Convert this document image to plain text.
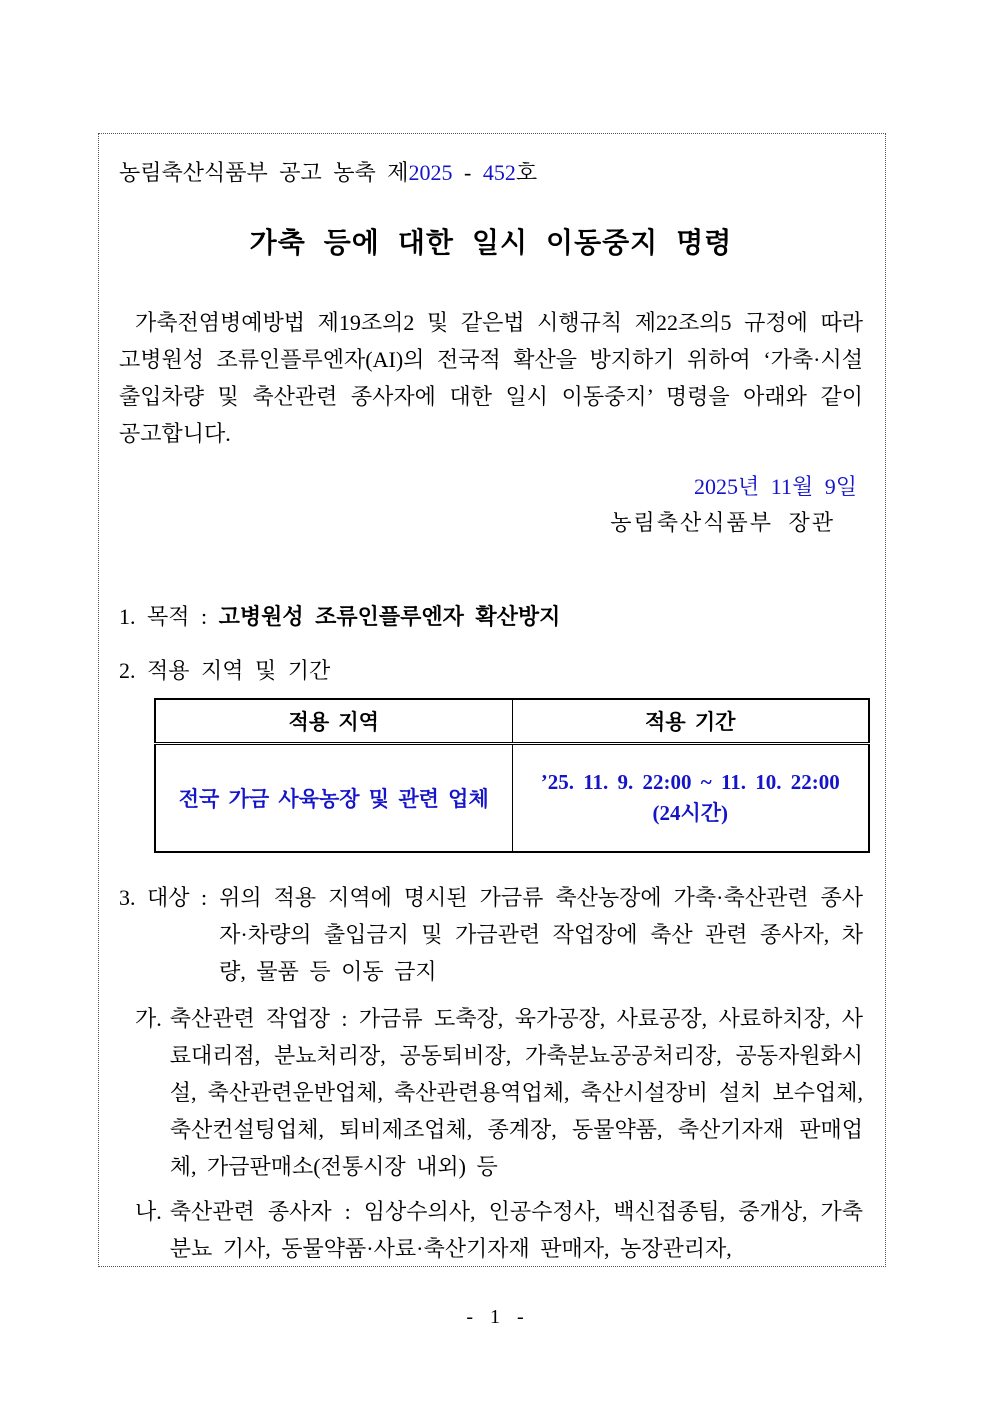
농림축산식품부 공고 농축 제2025 - 452호
가축 등에 대한 일시 이동중지 명령

가축전염병예방법 제19조의2 및 같은법 시행규칙 제22조의5 규정에 따라 고병원성 조류인플루엔자(AI)의 전국적 확산을 방지하기 위하여 ‘가축·시설출입차량 및 축산관련 종사자에 대한 일시 이동중지’ 명령을 아래와 같이 공고합니다.

2025년 11월 9일
농림축산식품부 장관
1. 목적 : 고병원성 조류인플루엔자 확산방지
2. 적용 지역 및 기간
적용 지역	적용 기간
전국 가금 사육농장 및 관련 업체	’25. 11. 9. 22:00 ~ 11. 10. 22:00
(24시간)
3. 대상 : 위의 적용 지역에 명시된 가금류 축산농장에 가축·축산관련 종사자·차량의 출입금지 및 가금관련 작업장에 축산 관련 종사자, 차량, 물품 등 이동 금지
가. 축산관련 작업장 : 가금류 도축장, 육가공장, 사료공장, 사료하치장, 사료대리점, 분뇨처리장, 공동퇴비장, 가축분뇨공공처리장, 공동자원화시설, 축산관련운반업체, 축산관련용역업체, 축산시설장비 설치 보수업체, 축산컨설팅업체, 퇴비제조업체, 종계장, 동물약품, 축산기자재 판매업체, 가금판매소(전통시장 내외) 등
나. 축산관련 종사자 : 임상수의사, 인공수정사, 백신접종팀, 중개상, 가축분뇨 기사, 동물약품·사료·축산기자재 판매자, 농장관리자,
- 1 -
